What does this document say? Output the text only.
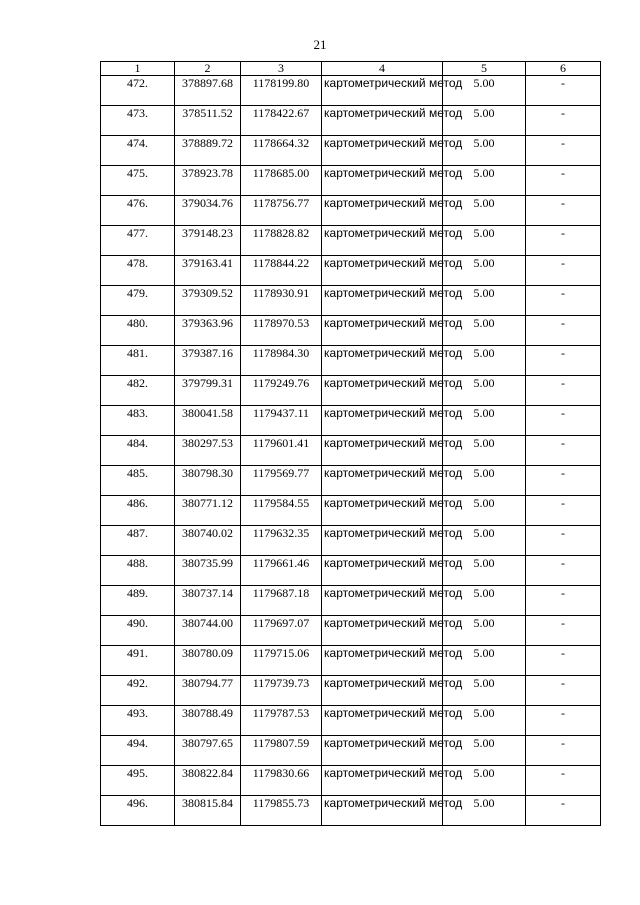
21
1	2	3	4	5	6
472.	378897.68	1178199.80	картометрический метод	5.00	-
473.	378511.52	1178422.67	картометрический метод	5.00	-
474.	378889.72	1178664.32	картометрический метод	5.00	-
475.	378923.78	1178685.00	картометрический метод	5.00	-
476.	379034.76	1178756.77	картометрический метод	5.00	-
477.	379148.23	1178828.82	картометрический метод	5.00	-
478.	379163.41	1178844.22	картометрический метод	5.00	-
479.	379309.52	1178930.91	картометрический метод	5.00	-
480.	379363.96	1178970.53	картометрический метод	5.00	-
481.	379387.16	1178984.30	картометрический метод	5.00	-
482.	379799.31	1179249.76	картометрический метод	5.00	-
483.	380041.58	1179437.11	картометрический метод	5.00	-
484.	380297.53	1179601.41	картометрический метод	5.00	-
485.	380798.30	1179569.77	картометрический метод	5.00	-
486.	380771.12	1179584.55	картометрический метод	5.00	-
487.	380740.02	1179632.35	картометрический метод	5.00	-
488.	380735.99	1179661.46	картометрический метод	5.00	-
489.	380737.14	1179687.18	картометрический метод	5.00	-
490.	380744.00	1179697.07	картометрический метод	5.00	-
491.	380780.09	1179715.06	картометрический метод	5.00	-
492.	380794.77	1179739.73	картометрический метод	5.00	-
493.	380788.49	1179787.53	картометрический метод	5.00	-
494.	380797.65	1179807.59	картометрический метод	5.00	-
495.	380822.84	1179830.66	картометрический метод	5.00	-
496.	380815.84	1179855.73	картометрический метод	5.00	-
